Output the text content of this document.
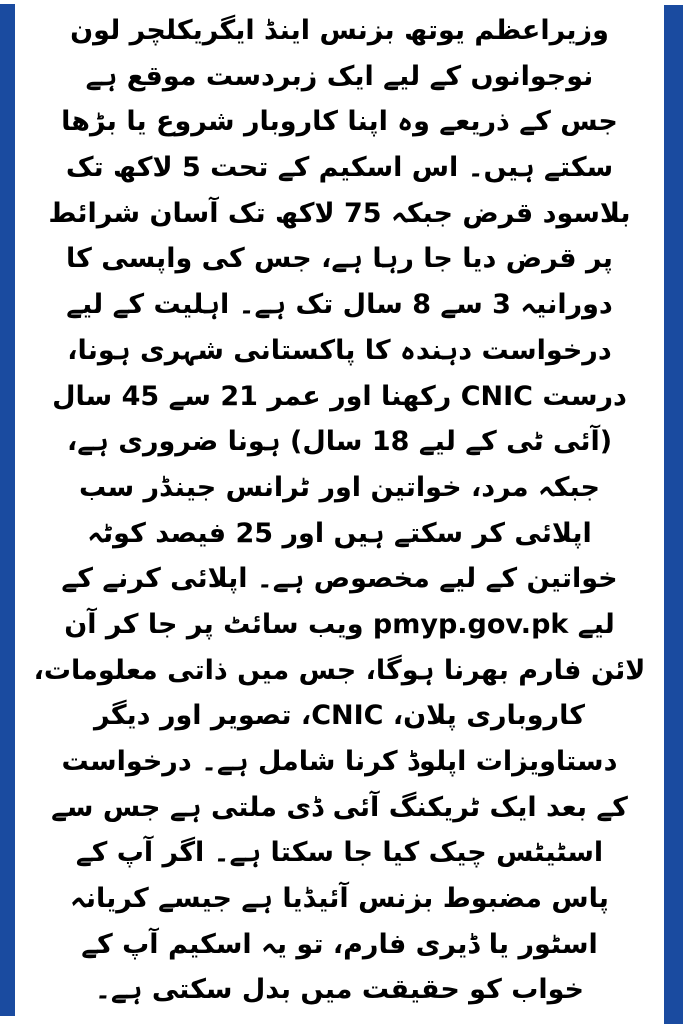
وزیراعظم یوتھ بزنس اینڈ ایگریکلچر لون
نوجوانوں کے لیے ایک زبردست موقع ہے
جس کے ذریعے وہ اپنا کاروبار شروع یا بڑھا
سکتے ہیں۔ اس اسکیم کے تحت 5 لاکھ تک
بلاسود قرض جبکہ 75 لاکھ تک آسان شرائط
پر قرض دیا جا رہا ہے، جس کی واپسی کا
دورانیہ 3 سے 8 سال تک ہے۔ اہلیت کے لیے
درخواست دہندہ کا پاکستانی شہری ہونا،
درست CNIC رکھنا اور عمر 21 سے 45 سال
(آئی ٹی کے لیے 18 سال) ہونا ضروری ہے،
جبکہ مرد، خواتین اور ٹرانس جینڈر سب
اپلائی کر سکتے ہیں اور 25 فیصد کوٹہ
خواتین کے لیے مخصوص ہے۔ اپلائی کرنے کے
لیے pmyp.gov.pk ویب سائٹ پر جا کر آن
لائن فارم بھرنا ہوگا، جس میں ذاتی معلومات،
کاروباری پلان، CNIC، تصویر اور دیگر
دستاویزات اپلوڈ کرنا شامل ہے۔ درخواست
کے بعد ایک ٹریکنگ آئی ڈی ملتی ہے جس سے
اسٹیٹس چیک کیا جا سکتا ہے۔ اگر آپ کے
پاس مضبوط بزنس آئیڈیا ہے جیسے کریانہ
اسٹور یا ڈیری فارم، تو یہ اسکیم آپ کے
خواب کو حقیقت میں بدل سکتی ہے۔
